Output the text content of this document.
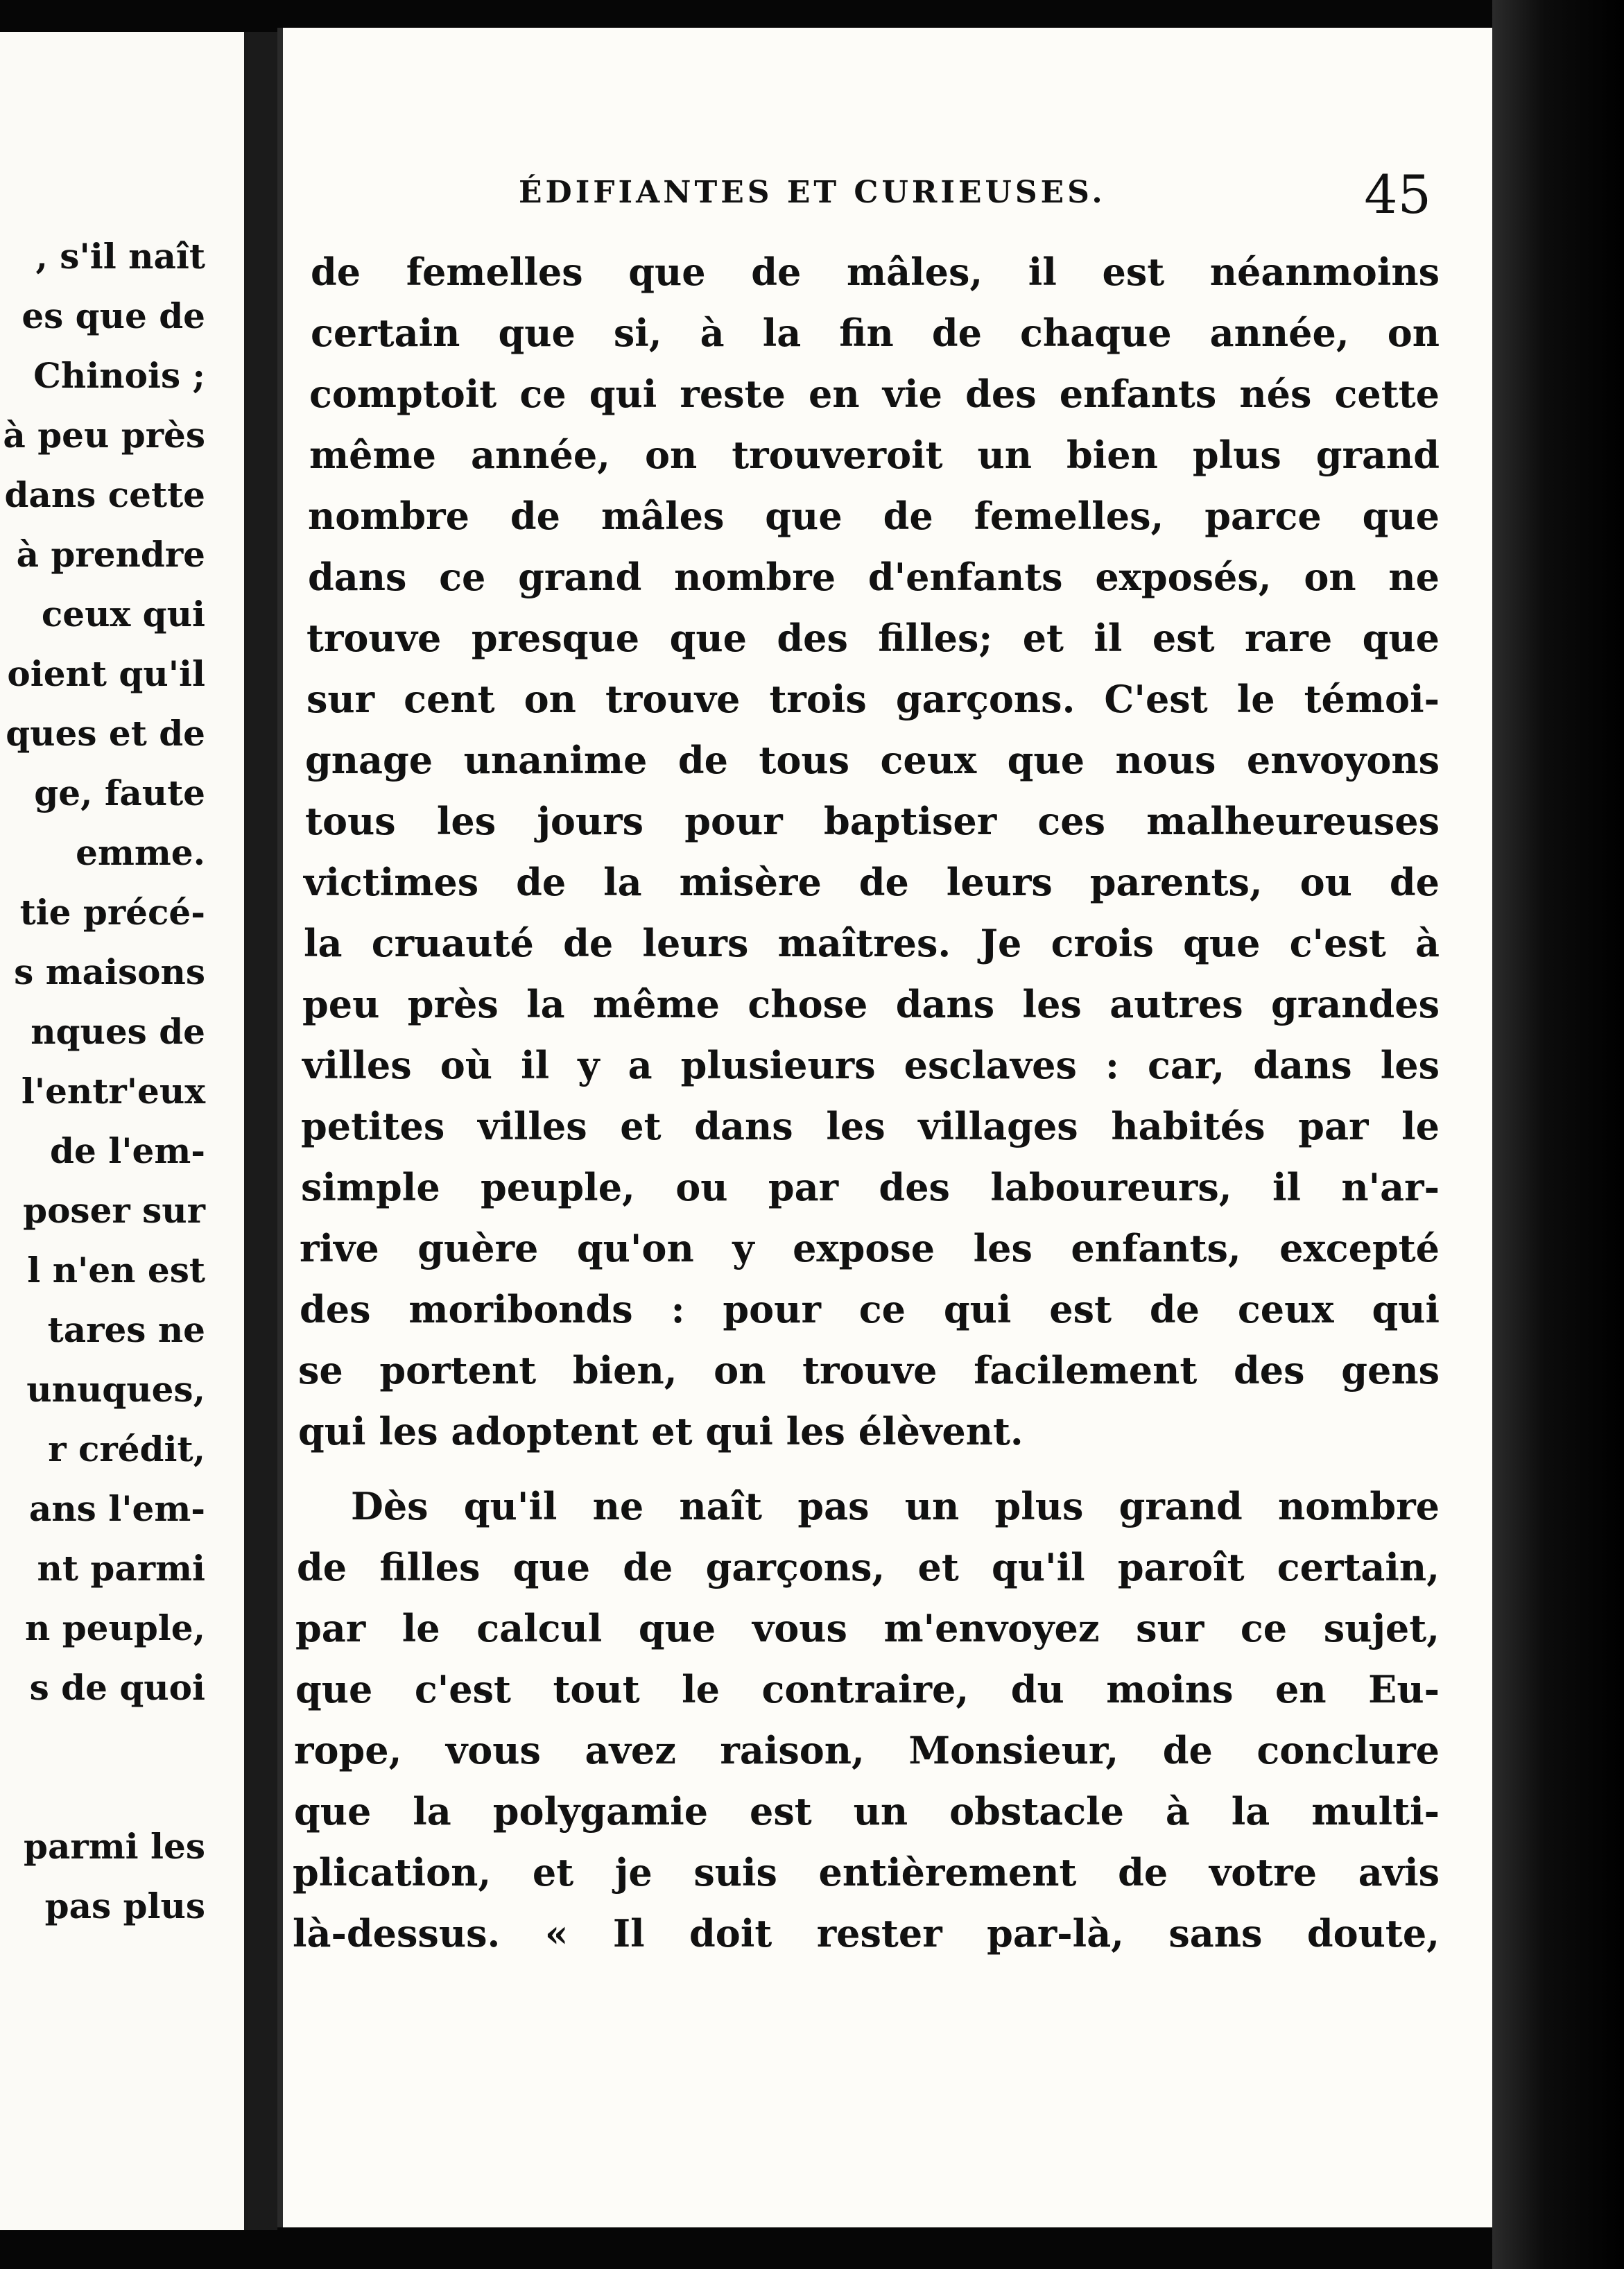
, s'il naît
es que de
Chinois ;
à peu près
dans cette
à prendre
ceux qui
oient qu'il
ques et de
ge, faute
emme.
tie précé-
s maisons
nques de
l'entr'eux
de l'em-
poser sur
l n'en est
tares ne
unuques,
r crédit,
ans l'em-
nt parmi
n peuple,
s de quoi
parmi les
pas plus
ÉDIFIANTES ET CURIEUSES.	45
de femelles que de mâles, il est néanmoins
certain que si, à la fin de chaque année, on
comptoit ce qui reste en vie des enfants nés cette
même année, on trouveroit un bien plus grand
nombre de mâles que de femelles, parce que
dans ce grand nombre d'enfants exposés, on ne
trouve presque que des filles; et il est rare que
sur cent on trouve trois garçons. C'est le témoi-
gnage unanime de tous ceux que nous envoyons
tous les jours pour baptiser ces malheureuses
victimes de la misère de leurs parents, ou de
la cruauté de leurs maîtres. Je crois que c'est à
peu près la même chose dans les autres grandes
villes où il y a plusieurs esclaves : car, dans les
petites villes et dans les villages habités par le
simple peuple, ou par des laboureurs, il n'ar-
rive guère qu'on y expose les enfants, excepté
des moribonds : pour ce qui est de ceux qui
se portent bien, on trouve facilement des gens
qui les adoptent et qui les élèvent.
Dès qu'il ne naît pas un plus grand nombre
de filles que de garçons, et qu'il paroît certain,
par le calcul que vous m'envoyez sur ce sujet,
que c'est tout le contraire, du moins en Eu-
rope, vous avez raison, Monsieur, de conclure
que la polygamie est un obstacle à la multi-
plication, et je suis entièrement de votre avis
là-dessus. « Il doit rester par-là, sans doute,
